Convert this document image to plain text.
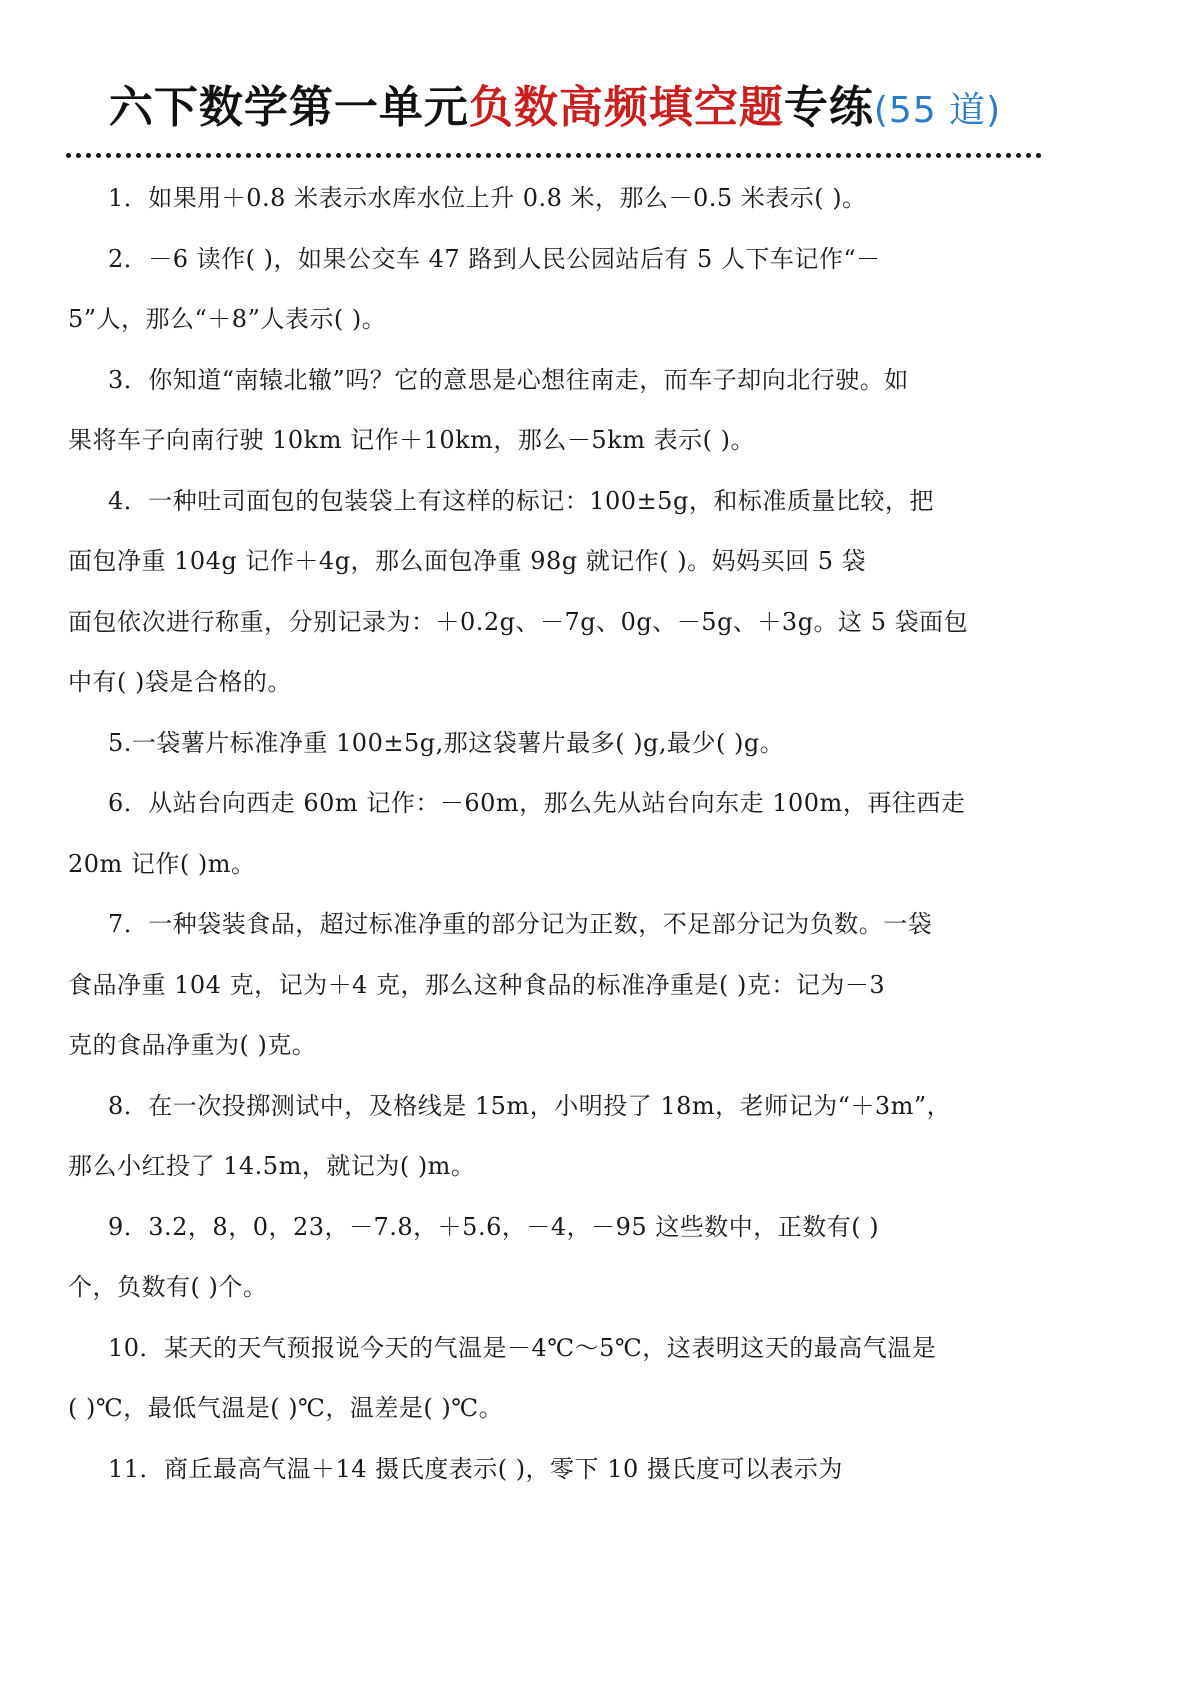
六下数学第一单元负数高频填空题专练(55 道)
1．如果用＋0.8 米表示水库水位上升 0.8 米，那么－0.5 米表示( )。
2．－6 读作( )，如果公交车 47 路到人民公园站后有 5 人下车记作“－
5”人，那么“＋8”人表示( )。
3．你知道“南辕北辙”吗？它的意思是心想往南走，而车子却向北行驶。如
果将车子向南行驶 10km 记作＋10km，那么－5km 表示( )。
4．一种吐司面包的包装袋上有这样的标记：100±5g，和标准质量比较，把
面包净重 104g 记作＋4g，那么面包净重 98g 就记作( )。妈妈买回 5 袋
面包依次进行称重，分别记录为：＋0.2g、－7g、0g、－5g、＋3g。这 5 袋面包
中有( )袋是合格的。
5.一袋薯片标准净重 100±5g,那这袋薯片最多( )g,最少( )g。
6．从站台向西走 60m 记作：－60m，那么先从站台向东走 100m，再往西走
20m 记作( )m。
7．一种袋装食品，超过标准净重的部分记为正数，不足部分记为负数。一袋
食品净重 104 克，记为＋4 克，那么这种食品的标准净重是( )克：记为－3
克的食品净重为( )克。
8．在一次投掷测试中，及格线是 15m，小明投了 18m，老师记为“＋3m”，
那么小红投了 14.5m，就记为( )m。
9．3.2，8，0，23，－7.8，＋5.6，－4，－95 这些数中，正数有( )
个，负数有( )个。
10．某天的天气预报说今天的气温是－4℃～5℃，这表明这天的最高气温是
( )℃，最低气温是( )℃，温差是( )℃。
11．商丘最高气温＋14 摄氏度表示( )，零下 10 摄氏度可以表示为
